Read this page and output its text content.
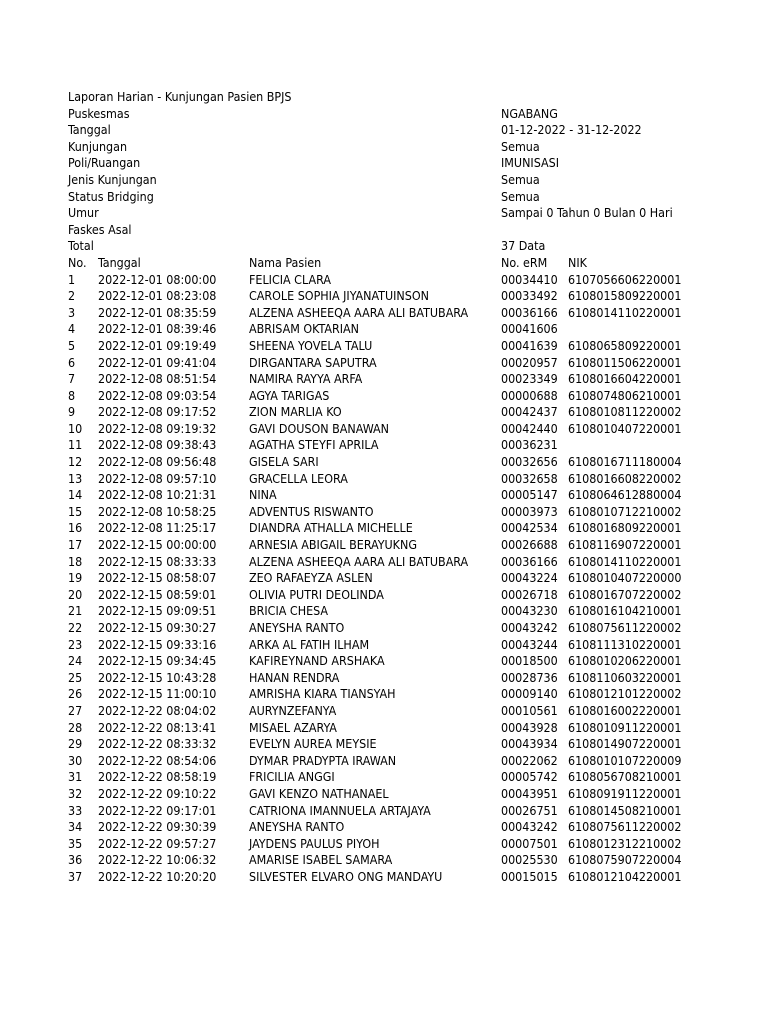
Laporan Harian - Kunjungan Pasien BPJS
Puskesmas	NGABANG
Tanggal	01-12-2022 - 31-12-2022
Kunjungan	Semua
Poli/Ruangan	IMUNISASI
Jenis Kunjungan	Semua
Status Bridging	Semua
Umur	Sampai 0 Tahun 0 Bulan 0 Hari
Faskes Asal
Total	37 Data
No. Tanggal	Nama Pasien	No. eRM NIK
1 2022-12-01 08:00:00	FELICIA CLARA	00034410 6107056606220001
2 2022-12-01 08:23:08	CAROLE SOPHIA JIYANATUINSON	00033492 6108015809220001
3 2022-12-01 08:35:59	ALZENA ASHEEQA AARA ALI BATUBARA	00036166 6108014110220001
4 2022-12-01 08:39:46	ABRISAM OKTARIAN	00041606
5 2022-12-01 09:19:49	SHEENA YOVELA TALU	00041639 6108065809220001
6 2022-12-01 09:41:04	DIRGANTARA SAPUTRA	00020957 6108011506220001
7 2022-12-08 08:51:54	NAMIRA RAYYA ARFA	00023349 6108016604220001
8 2022-12-08 09:03:54	AGYA TARIGAS	00000688 6108074806210001
9 2022-12-08 09:17:52	ZION MARLIA KO	00042437 6108010811220002
10 2022-12-08 09:19:32	GAVI DOUSON BANAWAN	00042440 6108010407220001
11 2022-12-08 09:38:43	AGATHA STEYFI APRILA	00036231
12 2022-12-08 09:56:48	GISELA SARI	00032656 6108016711180004
13 2022-12-08 09:57:10	GRACELLA LEORA	00032658 6108016608220002
14 2022-12-08 10:21:31	NINA	00005147 6108064612880004
15 2022-12-08 10:58:25	ADVENTUS RISWANTO	00003973 6108010712210002
16 2022-12-08 11:25:17	DIANDRA ATHALLA MICHELLE	00042534 6108016809220001
17 2022-12-15 00:00:00	ARNESIA ABIGAIL BERAYUKNG	00026688 6108116907220001
18 2022-12-15 08:33:33	ALZENA ASHEEQA AARA ALI BATUBARA	00036166 6108014110220001
19 2022-12-15 08:58:07	ZEO RAFAEYZA ASLEN	00043224 6108010407220000
20 2022-12-15 08:59:01	OLIVIA PUTRI DEOLINDA	00026718 6108016707220002
21 2022-12-15 09:09:51	BRICIA CHESA	00043230 6108016104210001
22 2022-12-15 09:30:27	ANEYSHA RANTO	00043242 6108075611220002
23 2022-12-15 09:33:16	ARKA AL FATIH ILHAM	00043244 6108111310220001
24 2022-12-15 09:34:45	KAFIREYNAND ARSHAKA	00018500 6108010206220001
25 2022-12-15 10:43:28	HANAN RENDRA	00028736 6108110603220001
26 2022-12-15 11:00:10	AMRISHA KIARA TIANSYAH	00009140 6108012101220002
27 2022-12-22 08:04:02	AURYNZEFANYA	00010561 6108016002220001
28 2022-12-22 08:13:41	MISAEL AZARYA	00043928 6108010911220001
29 2022-12-22 08:33:32	EVELYN AUREA MEYSIE	00043934 6108014907220001
30 2022-12-22 08:54:06	DYMAR PRADYPTA IRAWAN	00022062 6108010107220009
31 2022-12-22 08:58:19	FRICILIA ANGGI	00005742 6108056708210001
32 2022-12-22 09:10:22	GAVI KENZO NATHANAEL	00043951 6108091911220001
33 2022-12-22 09:17:01	CATRIONA IMANNUELA ARTAJAYA	00026751 6108014508210001
34 2022-12-22 09:30:39	ANEYSHA RANTO	00043242 6108075611220002
35 2022-12-22 09:57:27	JAYDENS PAULUS PIYOH	00007501 6108012312210002
36 2022-12-22 10:06:32	AMARISE ISABEL SAMARA	00025530 6108075907220004
37 2022-12-22 10:20:20	SILVESTER ELVARO ONG MANDAYU	00015015 6108012104220001
